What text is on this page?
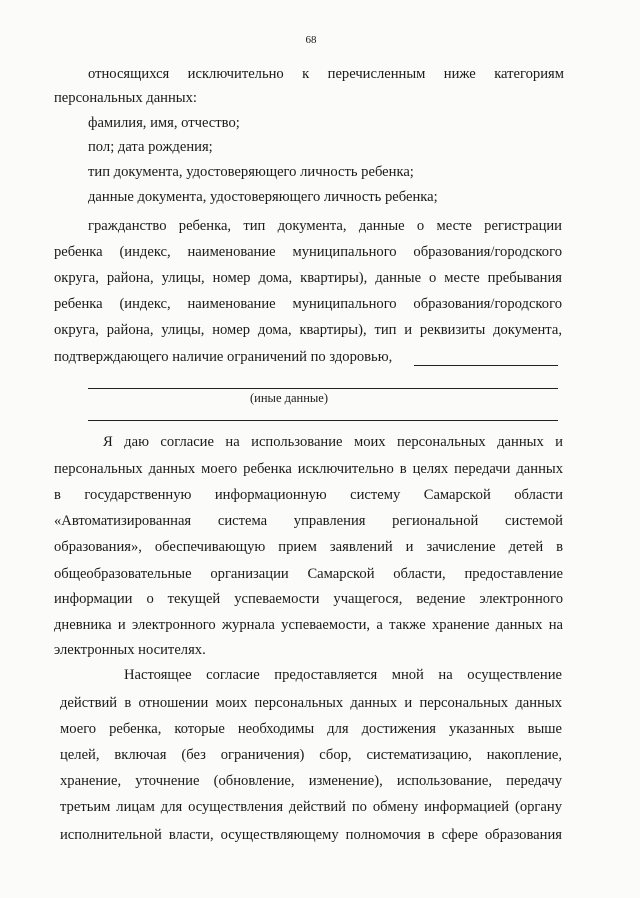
68
относящихся исключительно к перечисленным ниже категориям
персональных данных:
фамилия, имя, отчество;
пол; дата рождения;
тип документа, удостоверяющего личность ребенка;
данные документа, удостоверяющего личность ребенка;
гражданство ребенка, тип документа, данные о месте регистрации
ребенка (индекс, наименование муниципального образования/городского
округа, района, улицы, номер дома, квартиры), данные о месте пребывания
ребенка (индекс, наименование муниципального образования/городского
округа, района, улицы, номер дома, квартиры), тип и реквизиты документа,
подтверждающего наличие ограничений по здоровью,
(иные данные)
Я даю согласие на использование моих персональных данных и
персональных данных моего ребенка исключительно в целях передачи данных
в государственную информационную систему Самарской области
«Автоматизированная система управления региональной системой
образования», обеспечивающую прием заявлений и зачисление детей в
общеобразовательные организации Самарской области, предоставление
информации о текущей успеваемости учащегося, ведение электронного
дневника и электронного журнала успеваемости, а также хранение данных на
электронных носителях.
Настоящее согласие предоставляется мной на осуществление
действий в отношении моих персональных данных и персональных данных
моего ребенка, которые необходимы для достижения указанных выше
целей, включая (без ограничения) сбор, систематизацию, накопление,
хранение, уточнение (обновление, изменение), использование, передачу
третьим лицам для осуществления действий по обмену информацией (органу
исполнительной власти, осуществляющему полномочия в сфере образования
